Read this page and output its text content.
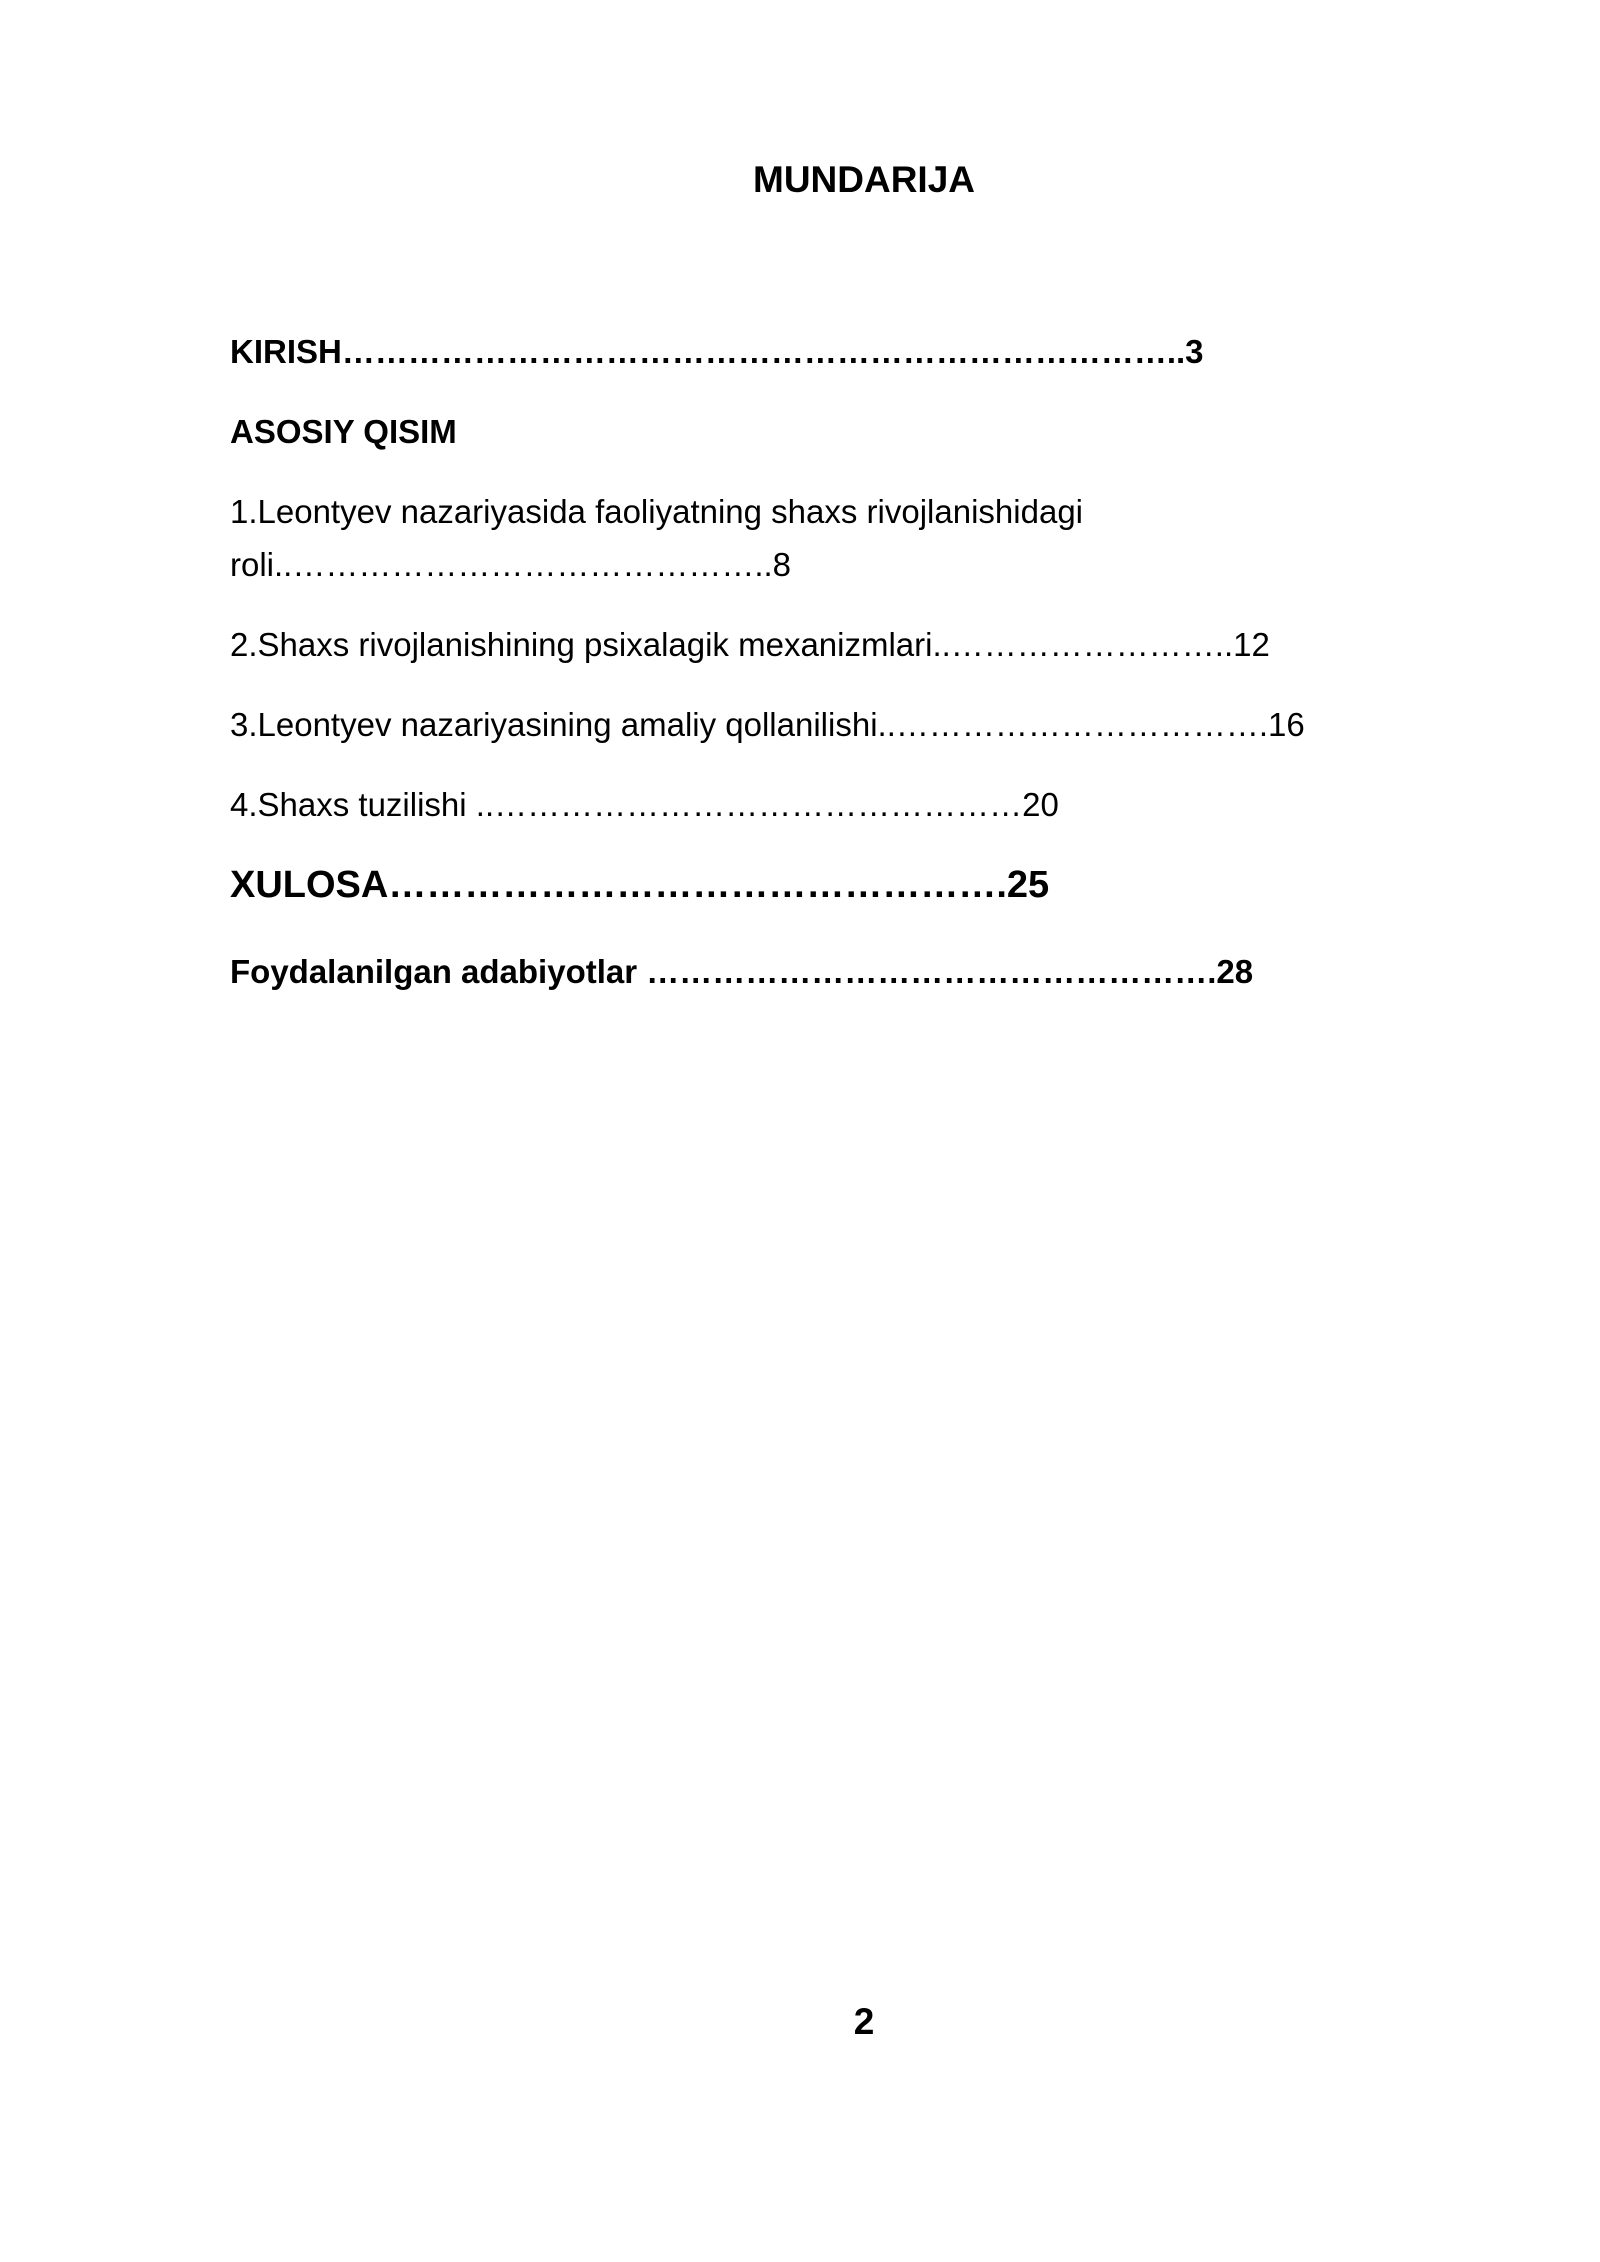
MUNDARIJA
KIRISH…………………………………………………………………..3
ASOSIY QISIM
1.Leontyev nazariyasida faoliyatning shaxs rivojlanishidagi
roli..……………………………………..8
2.Shaxs rivojlanishining psixalagik mexanizmlari..……………………..12
3.Leontyev nazariyasining amaliy qollanilishi..…………………………….16
4.Shaxs tuzilishi ..…………………………………………20
XULOSA………………………………………….25
Foydalanilgan adabiyotlar …………………………………………….28
2
